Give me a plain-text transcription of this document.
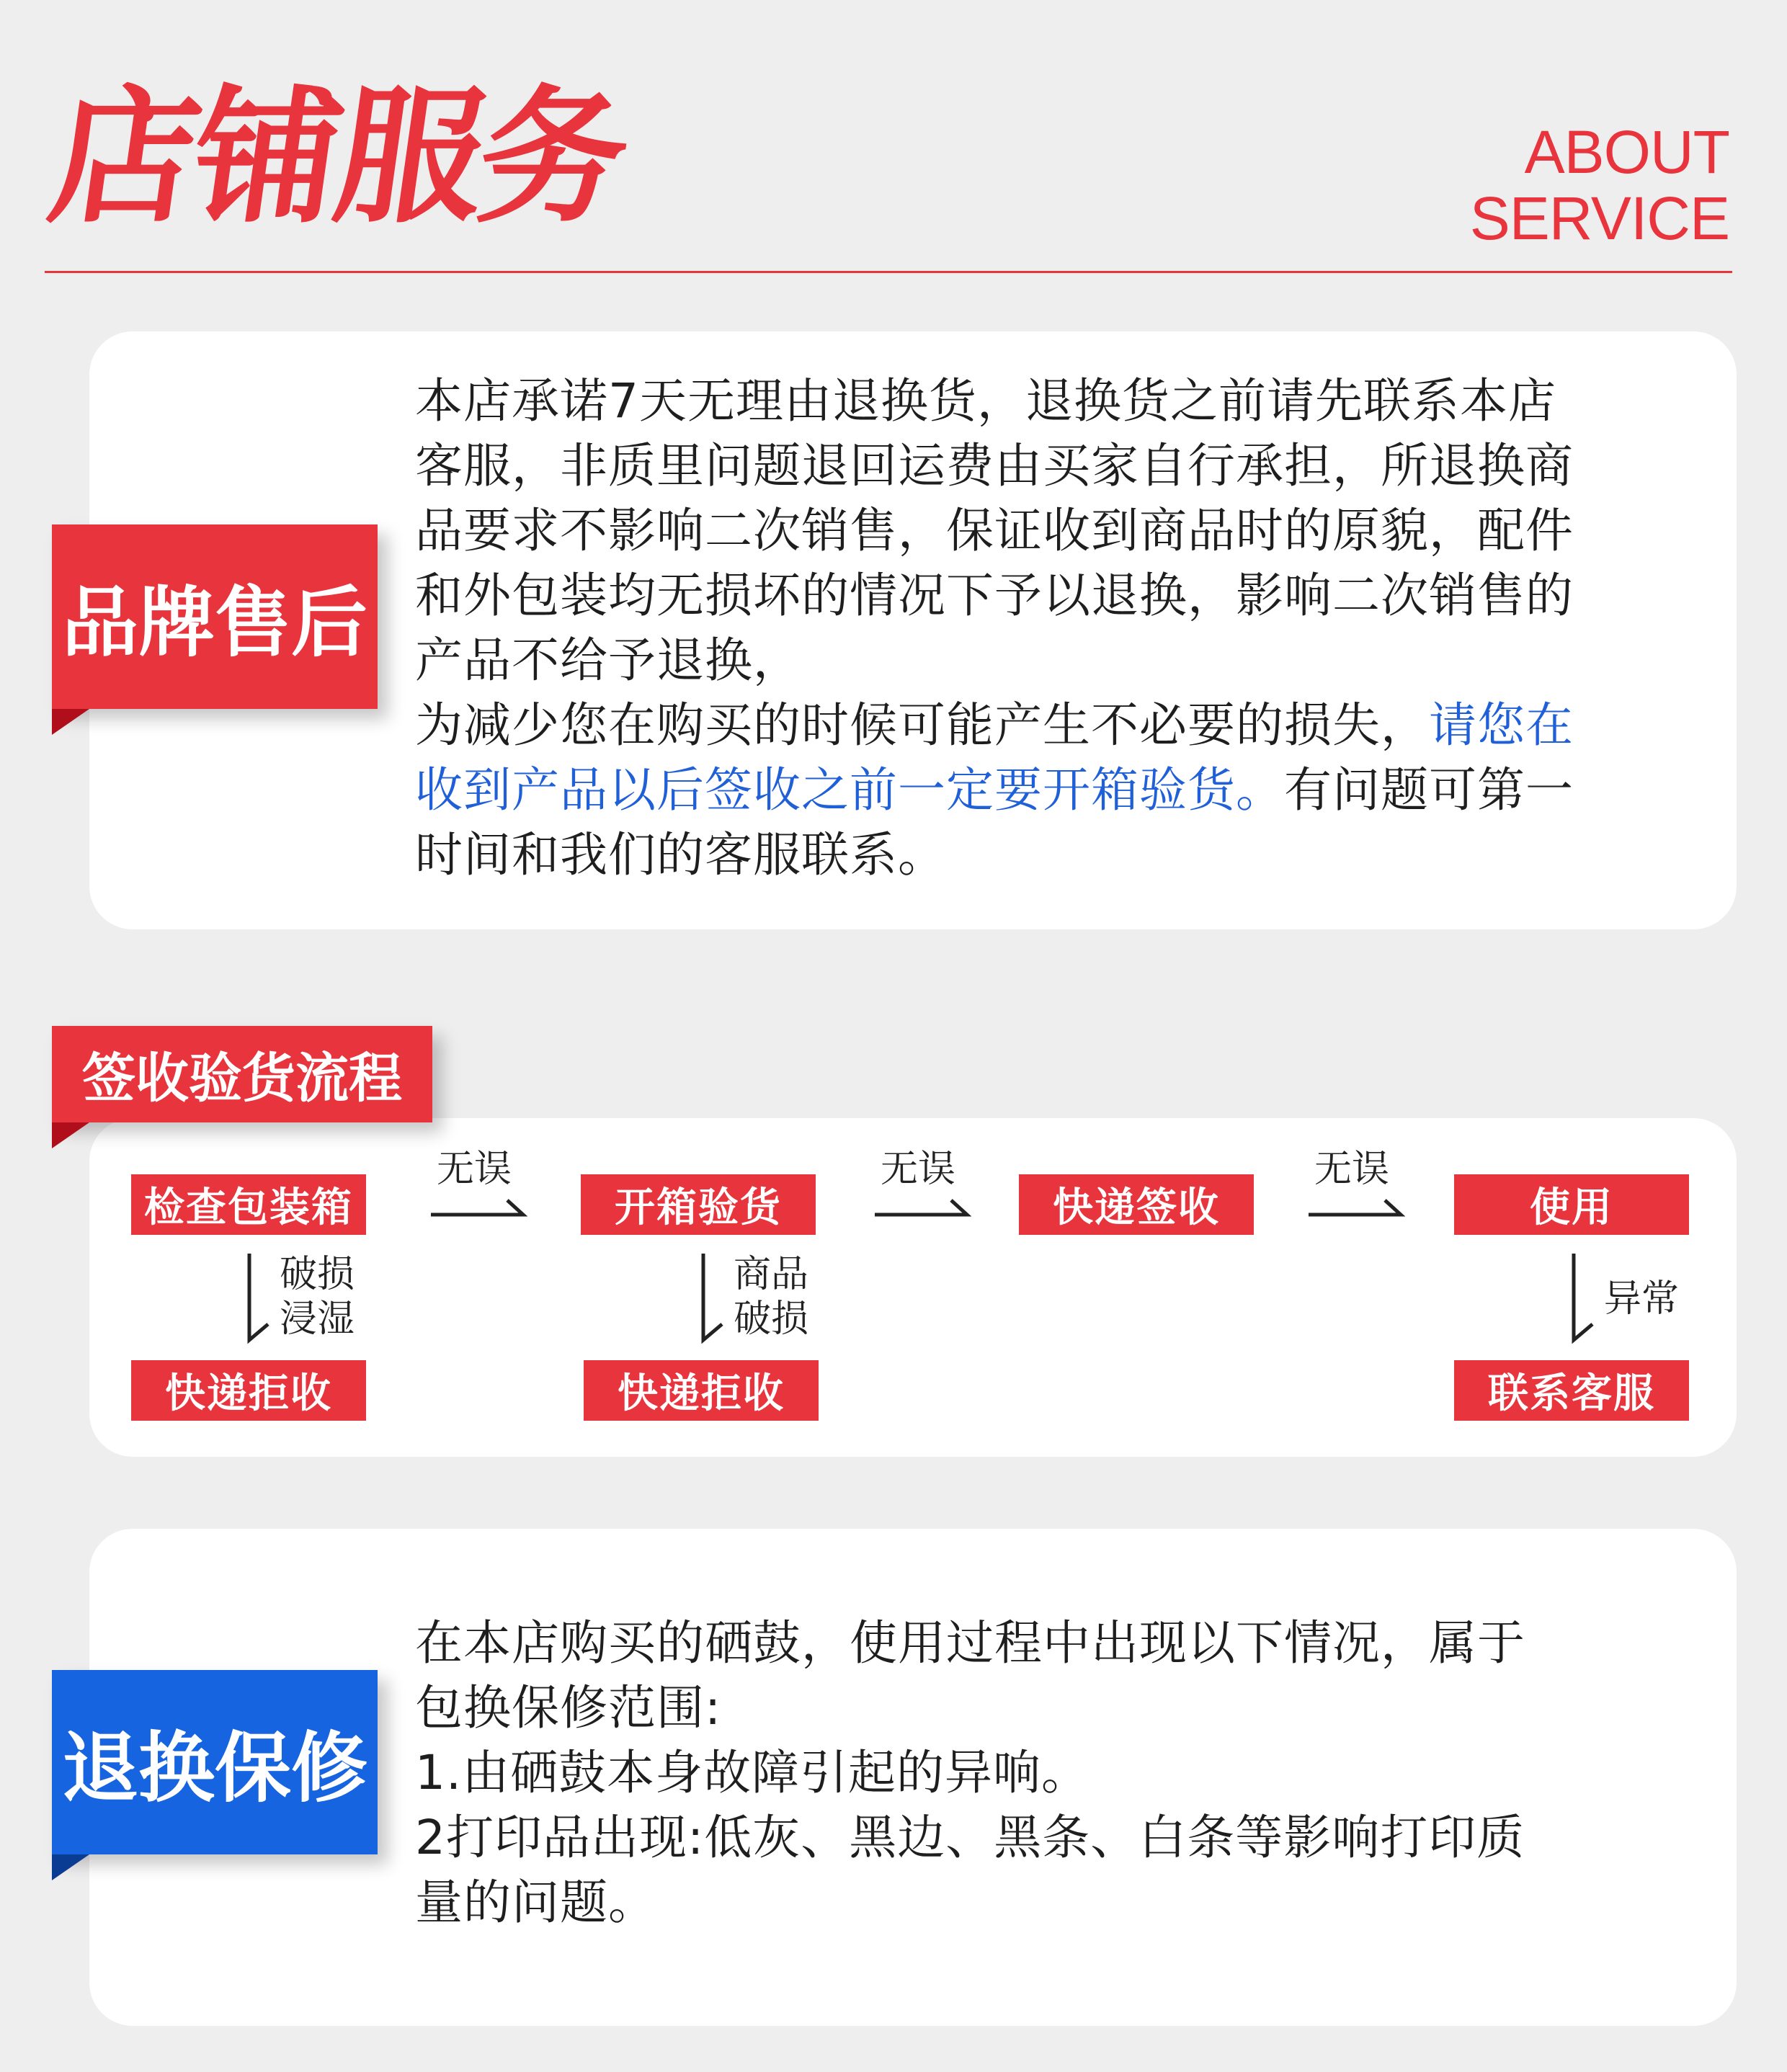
店铺服务	ABOUT
SERVICE
品牌售后
签收验货流程
退换保修
本店承诺7天无理由退换货，退换货之前请先联系本店
客服，非质里问题退回运费由买家自行承担，所退换商
品要求不影响二次销售，保证收到商品时的原貌，配件
和外包装均无损坏的情况下予以退换，影响二次销售的
产品不给予退换，
为减少您在购买的时候可能产生不必要的损失，请您在
收到产品以后签收之前一定要开箱验货。有问题可第一
时间和我们的客服联系。
检查包装箱	开箱验货	快递签收	使用
无误	无误	无误
破损
浸湿
快递拒收
商品
破损
快递拒收
异常
联系客服
在本店购买的硒鼓，使用过程中出现以下情况，属于
包换保修范围:
1.由硒鼓本身故障引起的异响。
2打印品出现:低灰、黑边、黑条、白条等影响打印质
量的问题。
